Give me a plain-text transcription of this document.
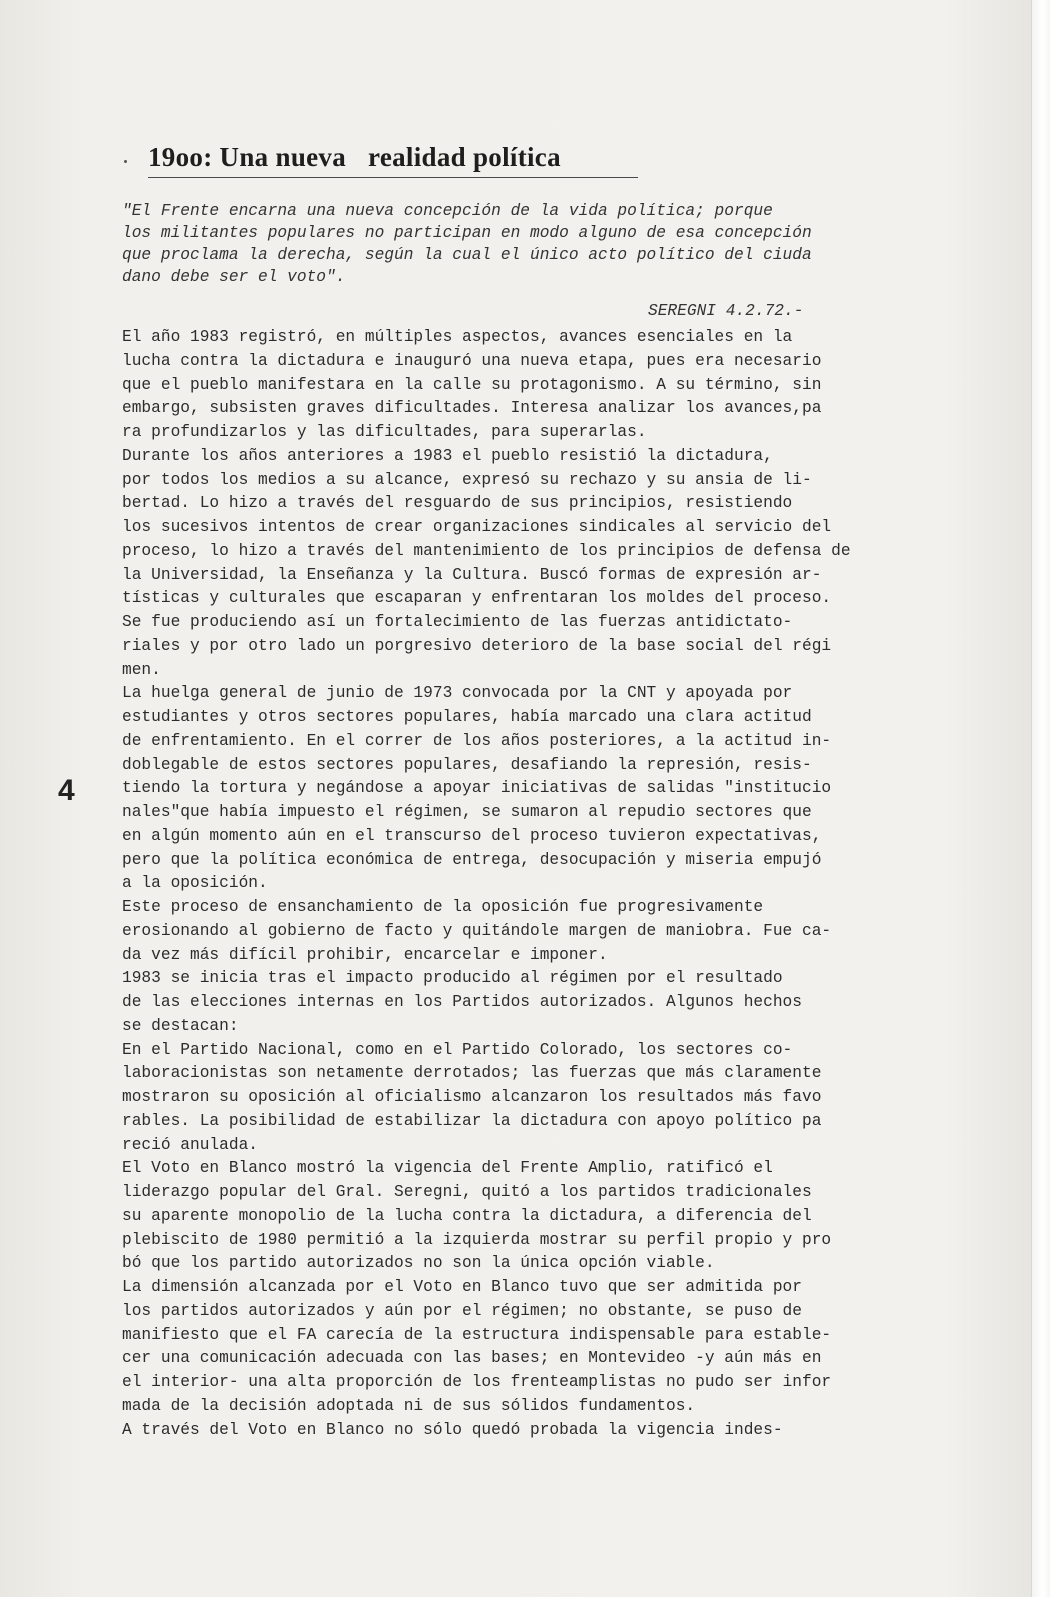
19oo: Una nueva realidad política
"El Frente encarna una nueva concepción de la vida política; porque
los militantes populares no participan en modo alguno de esa concepción
que proclama la derecha, según la cual el único acto político del ciuda
dano debe ser el voto".
SEREGNI 4.2.72.-
El año 1983 registró, en múltiples aspectos, avances esenciales en la
lucha contra la dictadura e inauguró una nueva etapa, pues era necesario
que el pueblo manifestara en la calle su protagonismo. A su término, sin
embargo, subsisten graves dificultades. Interesa analizar los avances,pa
ra profundizarlos y las dificultades, para superarlas.
Durante los años anteriores a 1983 el pueblo resistió la dictadura,
por todos los medios a su alcance, expresó su rechazo y su ansia de li-
bertad. Lo hizo a través del resguardo de sus principios, resistiendo
los sucesivos intentos de crear organizaciones sindicales al servicio del
proceso, lo hizo a través del mantenimiento de los principios de defensa de
la Universidad, la Enseñanza y la Cultura. Buscó formas de expresión ar-
tísticas y culturales que escaparan y enfrentaran los moldes del proceso.
Se fue produciendo así un fortalecimiento de las fuerzas antidictato-
riales y por otro lado un porgresivo deterioro de la base social del régi
men.
La huelga general de junio de 1973 convocada por la CNT y apoyada por
estudiantes y otros sectores populares, había marcado una clara actitud
de enfrentamiento. En el correr de los años posteriores, a la actitud in-
doblegable de estos sectores populares, desafiando la represión, resis-
tiendo la tortura y negándose a apoyar iniciativas de salidas "institucio
nales"que había impuesto el régimen, se sumaron al repudio sectores que
en algún momento aún en el transcurso del proceso tuvieron expectativas,
pero que la política económica de entrega, desocupación y miseria empujó
a la oposición.
Este proceso de ensanchamiento de la oposición fue progresivamente
erosionando al gobierno de facto y quitándole margen de maniobra. Fue ca-
da vez más difícil prohibir, encarcelar e imponer.
1983 se inicia tras el impacto producido al régimen por el resultado
de las elecciones internas en los Partidos autorizados. Algunos hechos
se destacan:
En el Partido Nacional, como en el Partido Colorado, los sectores co-
laboracionistas son netamente derrotados; las fuerzas que más claramente
mostraron su oposición al oficialismo alcanzaron los resultados más favo
rables. La posibilidad de estabilizar la dictadura con apoyo político pa
reció anulada.
El Voto en Blanco mostró la vigencia del Frente Amplio, ratificó el
liderazgo popular del Gral. Seregni, quitó a los partidos tradicionales
su aparente monopolio de la lucha contra la dictadura, a diferencia del
plebiscito de 1980 permitió a la izquierda mostrar su perfil propio y pro
bó que los partido autorizados no son la única opción viable.
La dimensión alcanzada por el Voto en Blanco tuvo que ser admitida por
los partidos autorizados y aún por el régimen; no obstante, se puso de
manifiesto que el FA carecía de la estructura indispensable para estable-
cer una comunicación adecuada con las bases; en Montevideo -y aún más en
el interior- una alta proporción de los frenteamplistas no pudo ser infor
mada de la decisión adoptada ni de sus sólidos fundamentos.
A través del Voto en Blanco no sólo quedó probada la vigencia indes-
4
